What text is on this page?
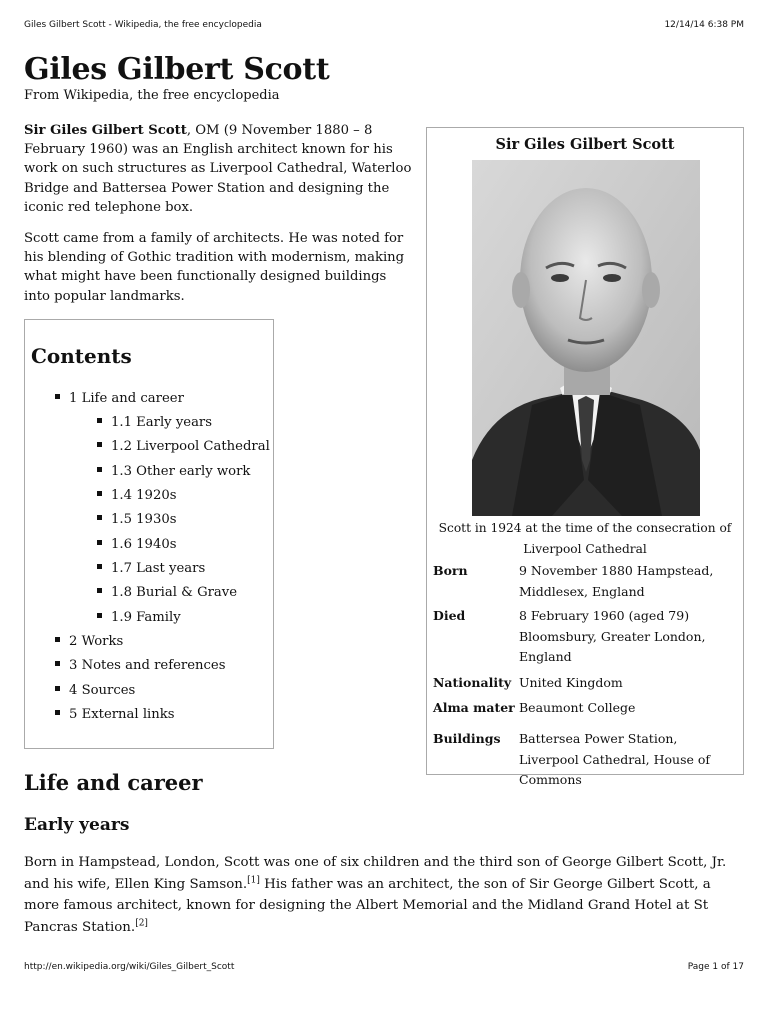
Giles Gilbert Scott - Wikipedia, the free encyclopedia	12/14/14 6:38 PM
Giles Gilbert Scott
From Wikipedia, the free encyclopedia

Sir Giles Gilbert Scott, OM (9 November 1880 – 8 February 1960) was an English architect known for his work on such structures as Liverpool Cathedral, Waterloo Bridge and Battersea Power Station and designing the iconic red telephone box.

Scott came from a family of architects. He was noted for his blending of Gothic tradition with modernism, making what might have been functionally designed buildings into popular landmarks.

Contents
1 Life and career
1.1 Early years
1.2 Liverpool Cathedral
1.3 Other early work
1.4 1920s
1.5 1930s
1.6 1940s
1.7 Last years
1.8 Burial & Grave
1.9 Family
2 Works
3 Notes and references
4 Sources
5 External links
Sir Giles Gilbert Scott
Scott in 1924 at the time of the consecration of Liverpool Cathedral
Born	9 November 1880 Hampstead, Middlesex, England
Died	8 February 1960 (aged 79) Bloomsbury, Greater London, England
Nationality United Kingdom
Alma mater Beaumont College
Buildings	Battersea Power Station, Liverpool Cathedral, House of Commons
Life and career
Early years

Born in Hampstead, London, Scott was one of six children and the third son of George Gilbert Scott, Jr. and his wife, Ellen King Samson.[1] His father was an architect, the son of Sir George Gilbert Scott, a more famous architect, known for designing the Albert Memorial and the Midland Grand Hotel at St Pancras Station.[2]

http://en.wikipedia.org/wiki/Giles_Gilbert_Scott	Page 1 of 17
